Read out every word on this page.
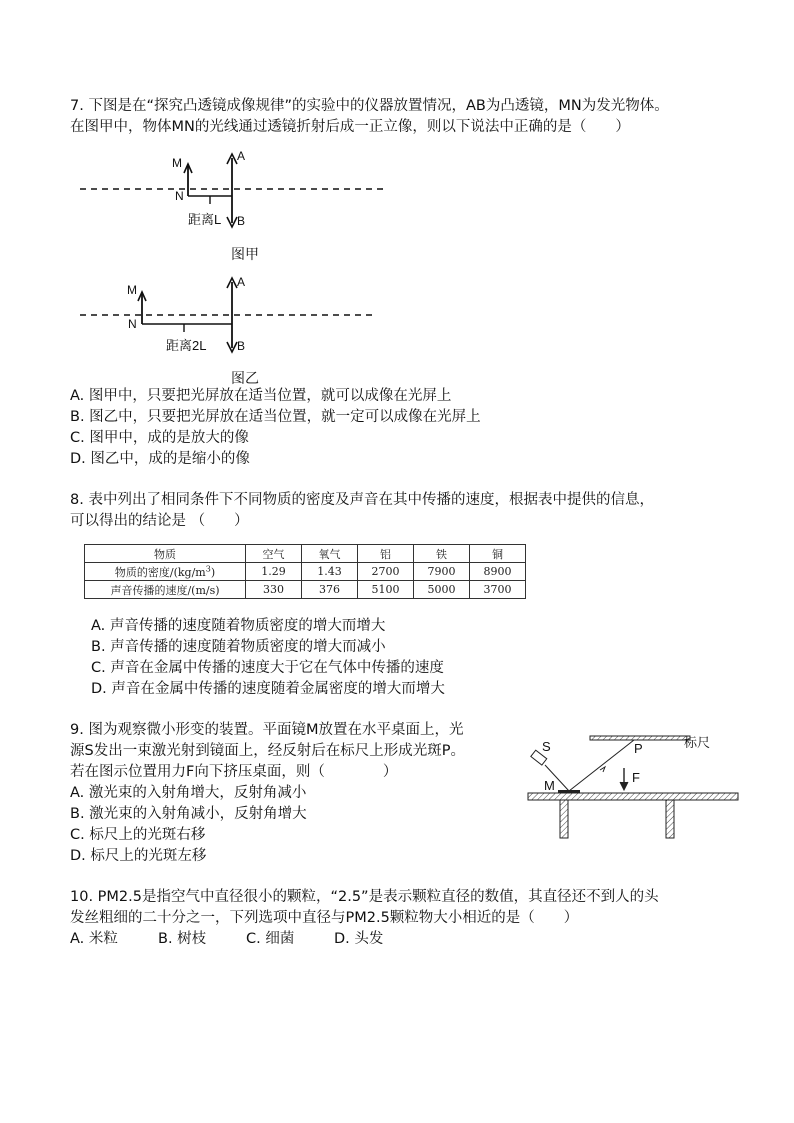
7. 下图是在“探究凸透镜成像规律”的实验中的仪器放置情况，AB为凸透镜，MN为发光物体。
在图甲中，物体MN的光线通过透镜折射后成一正立像，则以下说法中正确的是（　　）
M
N
A
B
距离L
图甲
M
N
A
B
距离2L
图乙
A. 图甲中，只要把光屏放在适当位置，就可以成像在光屏上
B. 图乙中，只要把光屏放在适当位置，就一定可以成像在光屏上
C. 图甲中，成的是放大的像
D. 图乙中，成的是缩小的像
8. 表中列出了相同条件下不同物质的密度及声音在其中传播的速度，根据表中提供的信息，
可以得出的结论是 （　　）
物质	空气	氧气	铝	铁	铜
物质的密度$/(kg/m^3)$	1.29	1.43	2700	7900	8900
声音传播的速度/(m/s)	330	376	5100	5000	3700
A. 声音传播的速度随着物质密度的增大而增大
B. 声音传播的速度随着物质密度的增大而减小
C. 声音在金属中传播的速度大于它在气体中传播的速度
D. 声音在金属中传播的速度随着金属密度的增大而增大
9. 图为观察微小形变的装置。平面镜M放置在水平桌面上，光
源S发出一束激光射到镜面上，经反射后在标尺上形成光斑P。
若在图示位置用力F向下挤压桌面，则（　　　　）
A. 激光束的入射角增大，反射角减小
B. 激光束的入射角减小，反射角增大
C. 标尺上的光斑右移
D. 标尺上的光斑左移
S	P
M
F
标尺
10. PM2.5是指空气中直径很小的颗粒，“2.5”是表示颗粒直径的数值，其直径还不到人的头
发丝粗细的二十分之一，下列选项中直径与PM2.5颗粒物大小相近的是（　　）
A. 米粒	B. 树枝	C. 细菌	D. 头发
